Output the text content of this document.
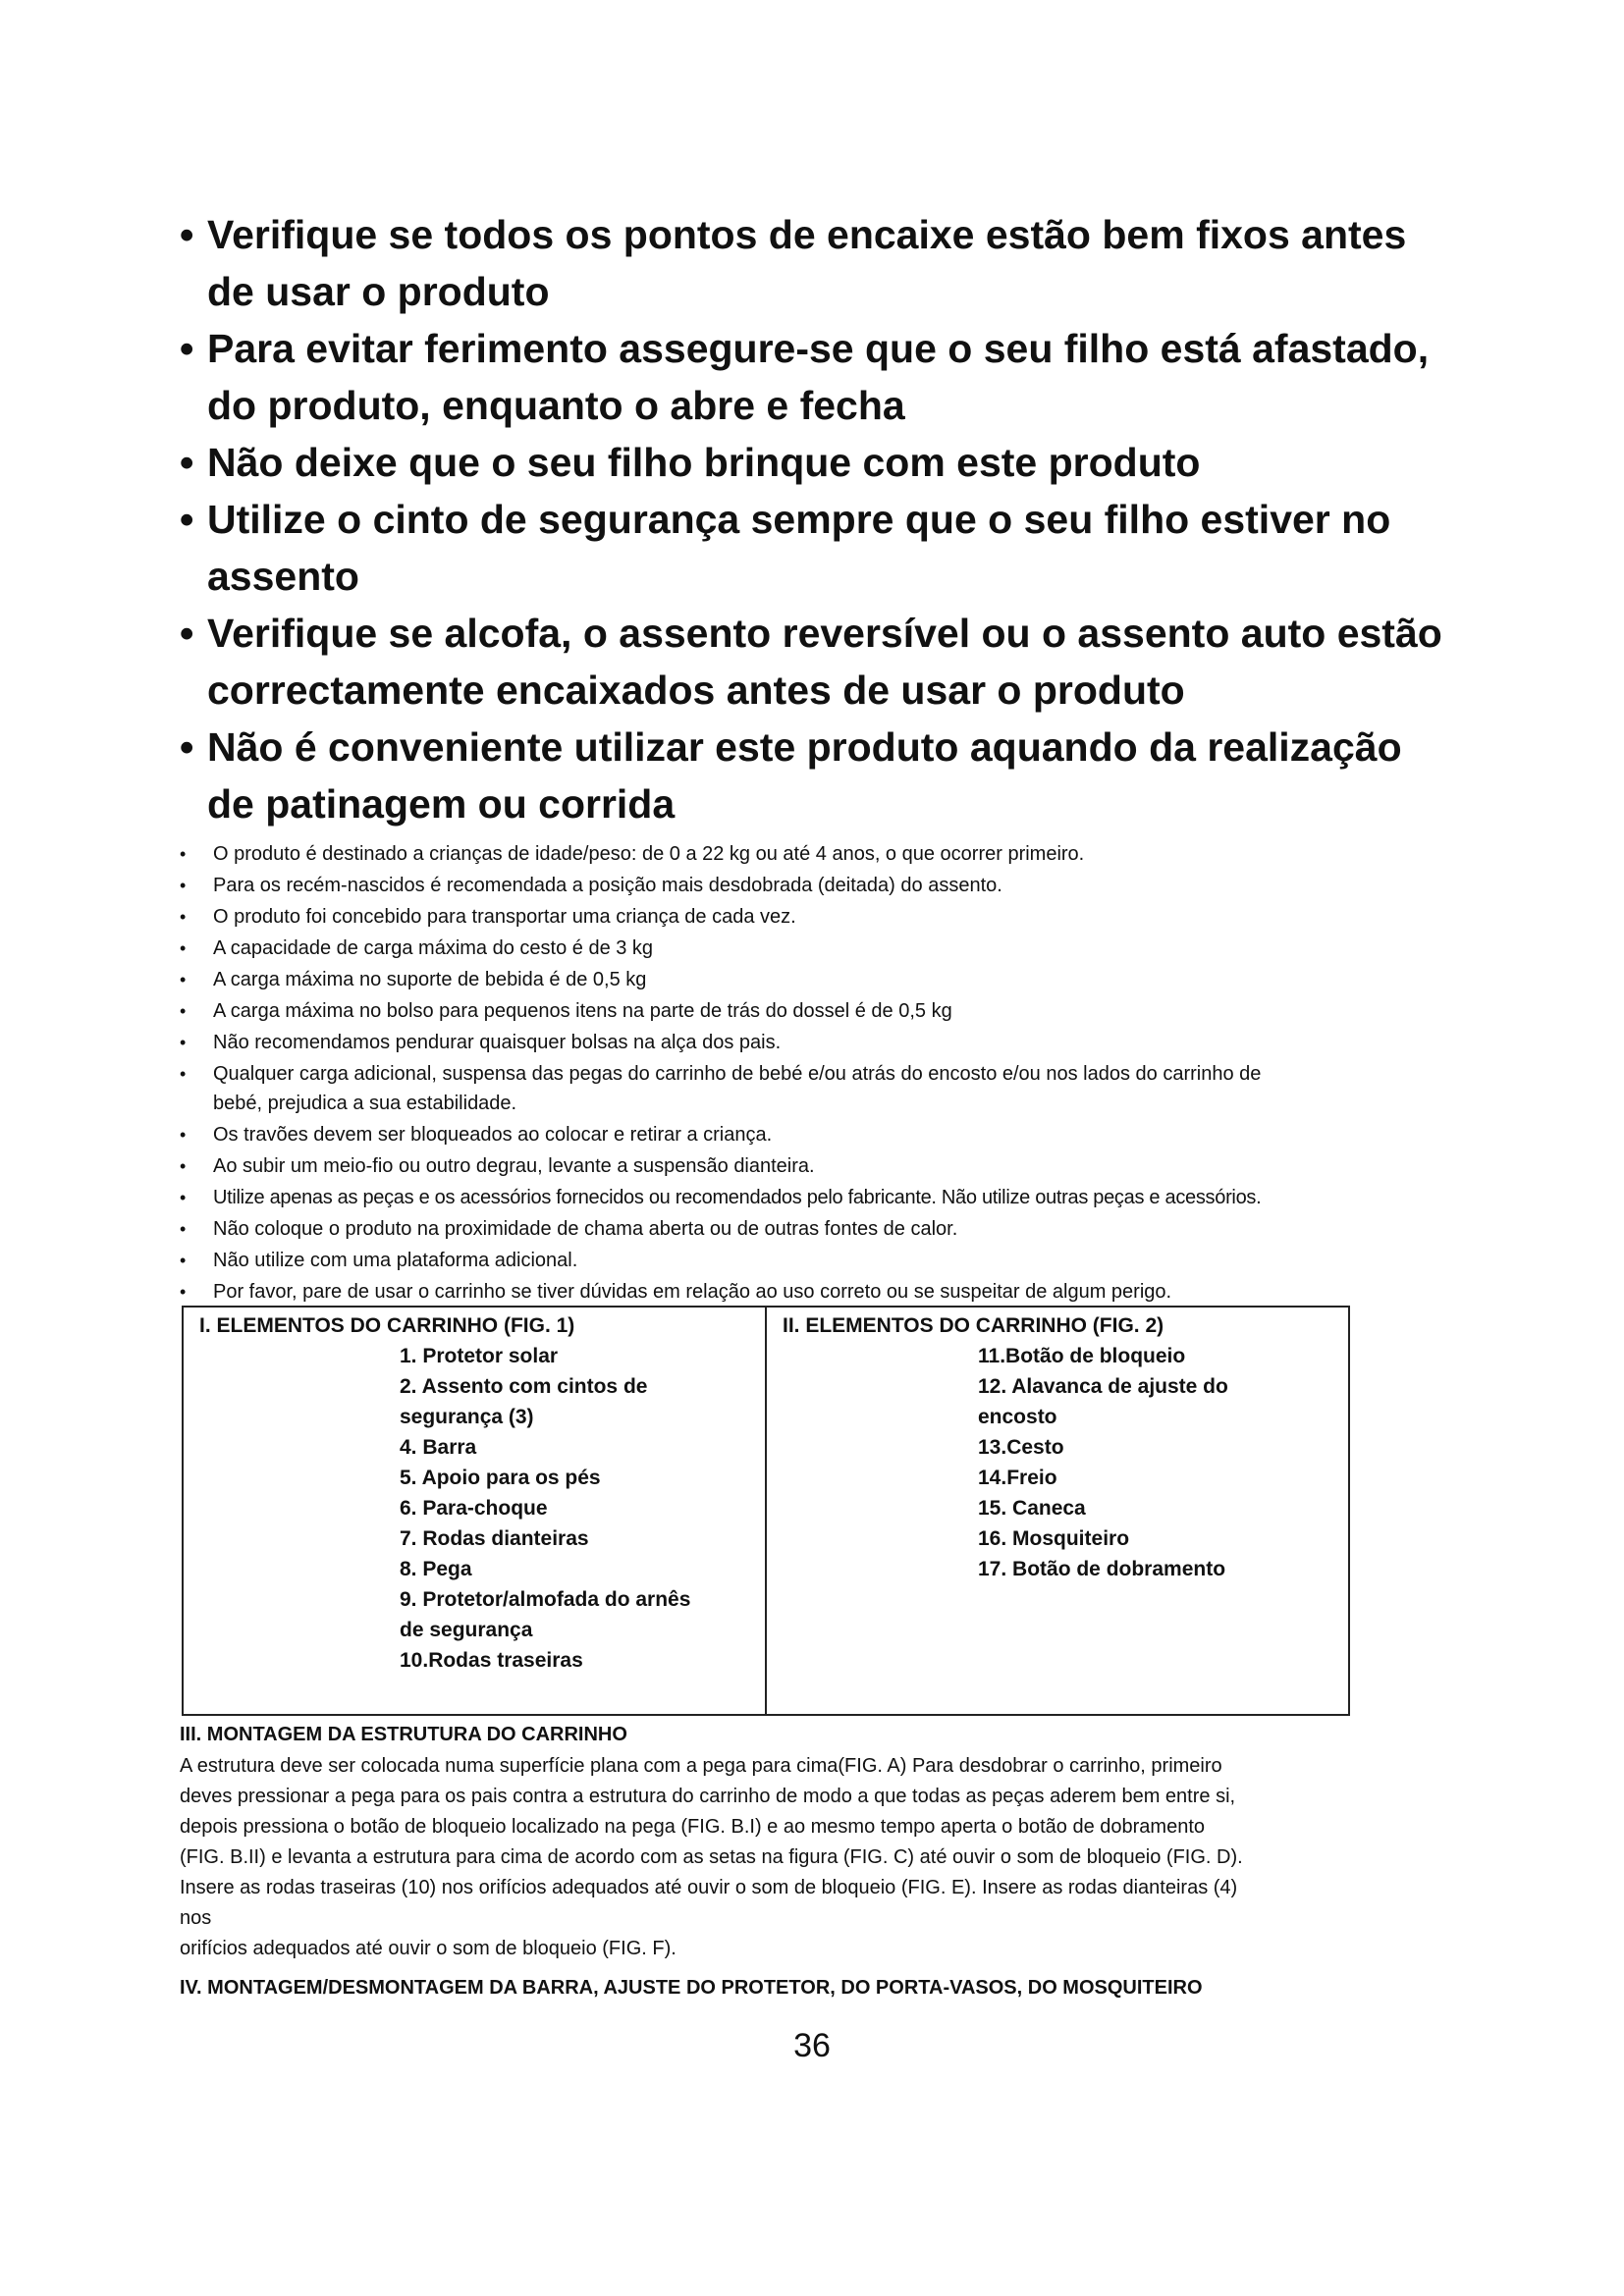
• Verifique se todos os pontos de encaixe estão bem fixos antes
de usar o produto
• Para evitar ferimento assegure-se que o seu filho está afastado,
do produto, enquanto o abre e fecha
• Não deixe que o seu filho brinque com este produto
• Utilize o cinto de segurança sempre que o seu filho estiver no
assento
• Verifique se alcofa, o assento reversível ou o assento auto estão
correctamente encaixados antes de usar o produto
• Não é conveniente utilizar este produto aquando da realização
de patinagem ou corrida
• O produto é destinado a crianças de idade/peso: de 0 a 22 kg ou até 4 anos, o que ocorrer primeiro.
• Para os recém-nascidos é recomendada a posição mais desdobrada (deitada) do assento.
• O produto foi concebido para transportar uma criança de cada vez.
• A capacidade de carga máxima do cesto é de 3 kg
• A carga máxima no suporte de bebida é de 0,5 kg
• A carga máxima no bolso para pequenos itens na parte de trás do dossel é de 0,5 kg
• Não recomendamos pendurar quaisquer bolsas na alça dos pais.
• Qualquer carga adicional, suspensa das pegas do carrinho de bebé e/ou atrás do encosto e/ou nos lados do carrinho de
bebé, prejudica a sua estabilidade.
• Os travões devem ser bloqueados ao colocar e retirar a criança.
• Ao subir um meio-fio ou outro degrau, levante a suspensão dianteira.
• Utilize apenas as peças e os acessórios fornecidos ou recomendados pelo fabricante. Não utilize outras peças e acessórios.
• Não coloque o produto na proximidade de chama aberta ou de outras fontes de calor.
• Não utilize com uma plataforma adicional.
• Por favor, pare de usar o carrinho se tiver dúvidas em relação ao uso correto ou se suspeitar de algum perigo.
I. ELEMENTOS DO CARRINHO (FIG. 1)
1. Protetor solar
2. Assento com cintos de
segurança (3)
4. Barra
5. Apoio para os pés
6. Para-choque
7. Rodas dianteiras
8. Pega
9. Protetor/almofada do arnês
de segurança
10.Rodas traseiras
II. ELEMENTOS DO CARRINHO (FIG. 2)
11.Botão de bloqueio
12. Alavanca de ajuste do
encosto
13.Cesto
14.Freio
15. Caneca
16. Mosquiteiro
17. Botão de dobramento
III. MONTAGEM DA ESTRUTURA DO CARRINHO

A estrutura deve ser colocada numa superfície plana com a pega para cima(FIG. A) Para desdobrar o carrinho, primeiro
deves pressionar a pega para os pais contra a estrutura do carrinho de modo a que todas as peças aderem bem entre si,
depois pressiona o botão de bloqueio localizado na pega (FIG. B.I) e ao mesmo tempo aperta o botão de dobramento
(FIG. B.II) e levanta a estrutura para cima de acordo com as setas na figura (FIG. C) até ouvir o som de bloqueio (FIG. D).
Insere as rodas traseiras (10) nos orifícios adequados até ouvir o som de bloqueio (FIG. E). Insere as rodas dianteiras (4)
nos
orifícios adequados até ouvir o som de bloqueio (FIG. F).

IV. MONTAGEM/DESMONTAGEM DA BARRA, AJUSTE DO PROTETOR, DO PORTA-VASOS, DO MOSQUITEIRO
36
